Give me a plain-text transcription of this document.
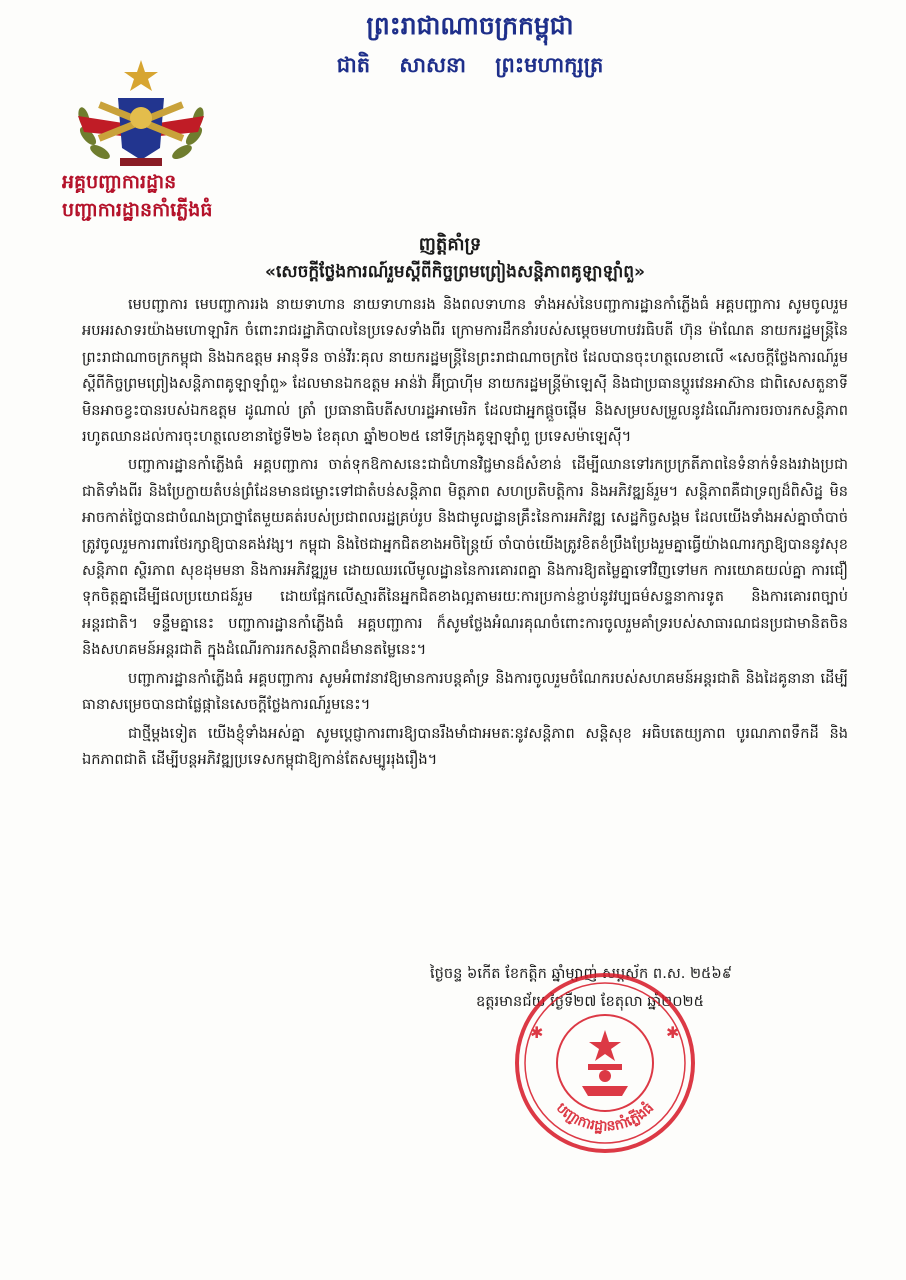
ព្រះរាជាណាចក្រកម្ពុជា
ជាតិ សាសនា ព្រះមហាក្សត្រ
អគ្គបញ្ជាការដ្ឋាន
បញ្ជាការដ្ឋានកាំភ្លើងធំ
ញត្តិគាំទ្រ
«សេចក្តីថ្លែងការណ៍រួមស្តីពីកិច្ចព្រមព្រៀងសន្តិភាពគូឡាឡាំពួ»

មេបញ្ជាការ មេបញ្ជាការរង នាយទាហាន នាយទាហានរង និងពលទាហាន ទាំងអស់នៃបញ្ជាការដ្ឋានកាំភ្លើងធំ អគ្គបញ្ជាការ សូមចូលរួមអបអរសាទរយ៉ាងមហោឡារិក ចំពោះរាជរដ្ឋាភិបាលនៃប្រទេសទាំងពីរ ក្រោមការដឹកនាំរបស់សម្តេចមហាបវរធិបតី ហ៊ុន ម៉ាណែត នាយករដ្ឋមន្ត្រីនៃព្រះរាជាណាចក្រកម្ពុជា និងឯកឧត្តម អានុទីន ចាន់វីរៈគុល នាយករដ្ឋមន្ត្រីនៃព្រះរាជាណាចក្រថៃ ដែលបានចុះហត្ថលេខាលើ «សេចក្តីថ្លែងការណ៍រួមស្តីពីកិច្ចព្រមព្រៀងសន្តិភាពគូឡាឡាំពួ» ដែលមានឯកឧត្តម អាន់វ៉ា អ៊ីប្រាហ៊ីម នាយករដ្ឋមន្ត្រីម៉ាឡេស៊ី និងជាប្រធានប្តូរវេនអាស៊ាន ជាពិសេសតួនាទីមិនអាចខ្វះបានរបស់ឯកឧត្តម ដូណាល់ ត្រាំ ប្រធានាធិបតីសហរដ្ឋអាមេរិក ដែលជាអ្នកផ្តួចផ្តើម និងសម្របសម្រួលនូវដំណើរការចរចារកសន្តិភាពរហូតឈានដល់ការចុះហត្ថលេខានាថ្ងៃទី២៦ ខែតុលា ឆ្នាំ២០២៥ នៅទីក្រុងគូឡាឡាំពួ ប្រទេសម៉ាឡេស៊ី។

បញ្ជាការដ្ឋានកាំភ្លើងធំ អគ្គបញ្ជាការ ចាត់ទុកឱកាសនេះជាជំហានវិជ្ជមានដ៏សំខាន់ ដើម្បីឈានទៅរកប្រក្រតីភាពនៃទំនាក់ទំនងរវាងប្រជាជាតិទាំងពីរ និងប្រែក្លាយតំបន់ព្រំដែនមានជម្លោះទៅជាតំបន់សន្តិភាព មិត្តភាព សហប្រតិបត្តិការ និងអភិវឌ្ឍន៍រួម។ សន្តិភាពគឺជាទ្រព្យដ៏ពិសិដ្ឋ មិនអាចកាត់ថ្លៃបានជាបំណងប្រាថ្នាតែមួយគត់របស់ប្រជាពលរដ្ឋគ្រប់រូប និងជាមូលដ្ឋានគ្រឹះនៃការអភិវឌ្ឍ សេដ្ឋកិច្ចសង្គម ដែលយើងទាំងអស់គ្នាចាំបាច់ត្រូវចូលរួមការពារថែរក្សាឱ្យបានគង់វង្ស។ កម្ពុជា និងថៃជាអ្នកជិតខាងអចិន្ត្រៃយ៍ ចាំបាច់យើងត្រូវខិតខំប្រឹងប្រែងរួមគ្នាធ្វើយ៉ាងណារក្សាឱ្យបាននូវសុខសន្តិភាព ស្ថិរភាព សុខដុមមនា និងការអភិវឌ្ឍរួម ដោយឈរលើមូលដ្ឋាននៃការគោរពគ្នា និងការឱ្យតម្លៃគ្នាទៅវិញទៅមក ការយោគយល់គ្នា ការជឿទុកចិត្តគ្នាដើម្បីផលប្រយោជន៍រួម ដោយផ្អែកលើស្មារតីនៃអ្នកជិតខាងល្អតាមរយៈការប្រកាន់ខ្ជាប់នូវវប្បធម៌សន្ទនាការទូត និងការគោរពច្បាប់អន្តរជាតិ។ ទន្ទឹមគ្នានេះ បញ្ជាការដ្ឋានកាំភ្លើងធំ អគ្គបញ្ជាការ ក៏សូមថ្លែងអំណរគុណចំពោះការចូលរួមគាំទ្ររបស់សាធារណជនប្រជាមានិតចិន និងសហគមន៍អន្តរជាតិ ក្នុងដំណើរការរកសន្តិភាពដ៏មានតម្លៃនេះ។

បញ្ជាការដ្ឋានកាំភ្លើងធំ អគ្គបញ្ជាការ សូមអំពាវនាវឱ្យមានការបន្តគាំទ្រ និងការចូលរួមចំណែករបស់សហគមន៍អន្តរជាតិ និងដៃគូនានា ដើម្បីធានាសម្រេចបានជាផ្លែផ្កានៃសេចក្តីថ្លែងការណ៍រួមនេះ។

ជាថ្មីម្តងទៀត យើងខ្ញុំទាំងអស់គ្នា សូមប្តេជ្ញាការពារឱ្យបានរឹងមាំជាអមតៈនូវសន្តិភាព សន្តិសុខ អធិបតេយ្យភាព បូរណភាពទឹកដី និងឯកភាពជាតិ ដើម្បីបន្តអភិវឌ្ឍប្រទេសកម្ពុជាឱ្យកាន់តែសម្បូររុងរឿង។

ថ្ងៃចន្ទ ៦កើត ខែកត្តិក ឆ្នាំម្សាញ់ សប្តស័ក ព.ស. ២៥៦៩
ឧត្តរមានជ័យ ថ្ងៃទី២៧ ខែតុលា ឆ្នាំ២០២៥
✱	✱
បញ្ជាការដ្ឋានកាំភ្លើងធំ
